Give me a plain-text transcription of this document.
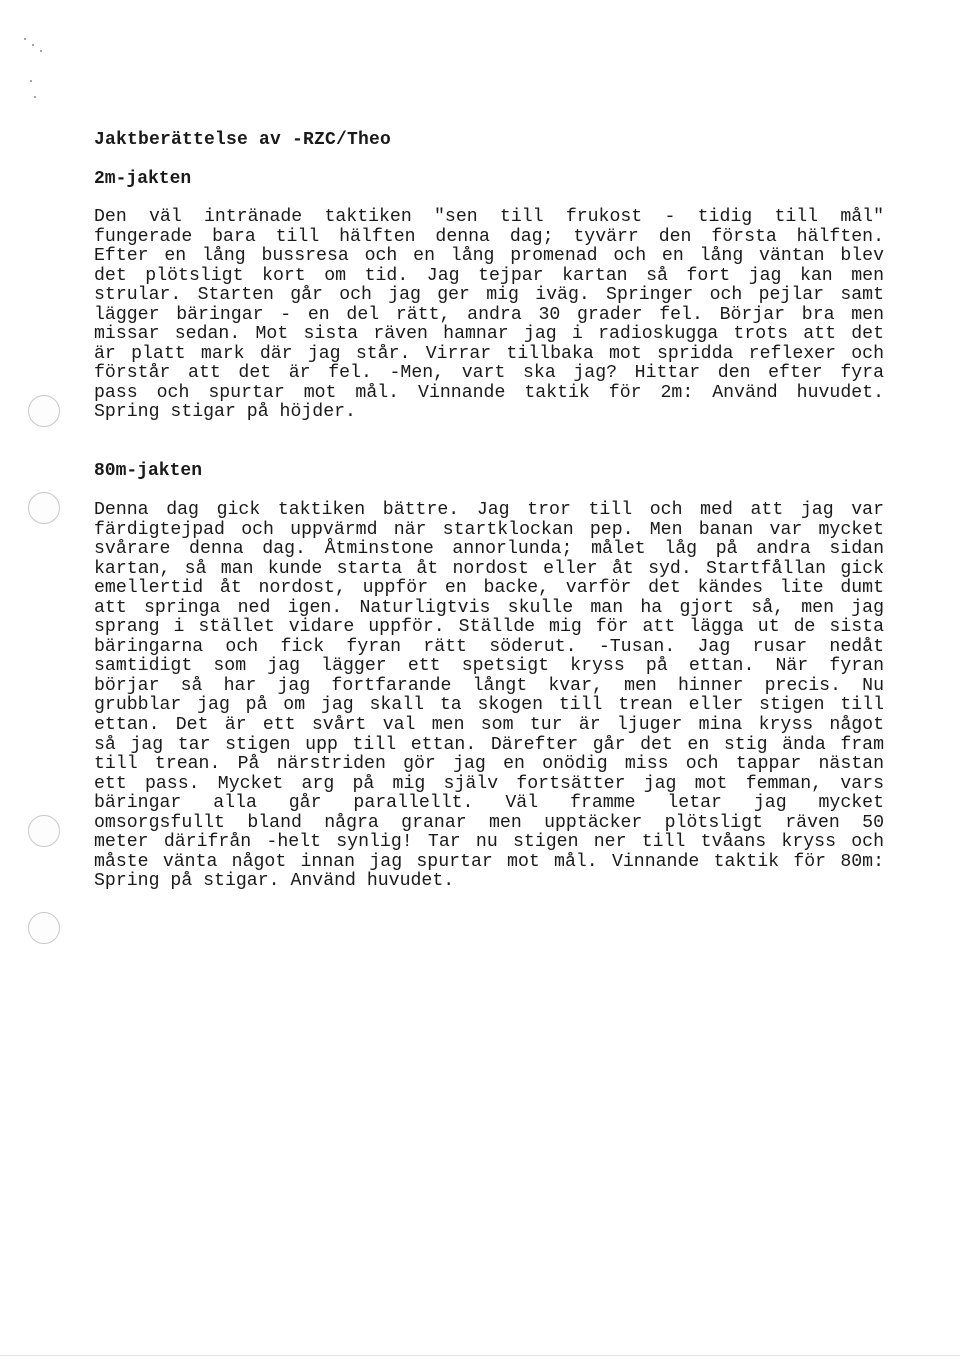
Jaktberättelse av -RZC/Theo
2m-jakten
Den väl intränade taktiken "sen till frukost - tidig till mål"
fungerade bara till hälften denna dag; tyvärr den första hälften.
Efter en lång bussresa och en lång promenad och en lång väntan blev
det plötsligt kort om tid. Jag tejpar kartan så fort jag kan men
strular. Starten går och jag ger mig iväg. Springer och pejlar samt
lägger bäringar - en del rätt, andra 30 grader fel. Börjar bra men
missar sedan. Mot sista räven hamnar jag i radioskugga trots att det
är platt mark där jag står. Virrar tillbaka mot spridda reflexer och
förstår att det är fel. -Men, vart ska jag? Hittar den efter fyra
pass och spurtar mot mål. Vinnande taktik för 2m: Använd huvudet.
Spring stigar på höjder.
80m-jakten
Denna dag gick taktiken bättre. Jag tror till och med att jag var
färdigtejpad och uppvärmd när startklockan pep. Men banan var mycket
svårare denna dag. Åtminstone annorlunda; målet låg på andra sidan
kartan, så man kunde starta åt nordost eller åt syd. Startfållan gick
emellertid åt nordost, uppför en backe, varför det kändes lite dumt
att springa ned igen. Naturligtvis skulle man ha gjort så, men jag
sprang i stället vidare uppför. Ställde mig för att lägga ut de sista
bäringarna och fick fyran rätt söderut. -Tusan. Jag rusar nedåt
samtidigt som jag lägger ett spetsigt kryss på ettan. När fyran
börjar så har jag fortfarande långt kvar, men hinner precis. Nu
grubblar jag på om jag skall ta skogen till trean eller stigen till
ettan. Det är ett svårt val men som tur är ljuger mina kryss något
så jag tar stigen upp till ettan. Därefter går det en stig ända fram
till trean. På närstriden gör jag en onödig miss och tappar nästan
ett pass. Mycket arg på mig själv fortsätter jag mot femman, vars
bäringar alla går parallellt. Väl framme letar jag mycket
omsorgsfullt bland några granar men upptäcker plötsligt räven 50
meter därifrån -helt synlig! Tar nu stigen ner till tvåans kryss och
måste vänta något innan jag spurtar mot mål. Vinnande taktik för 80m:
Spring på stigar. Använd huvudet.
